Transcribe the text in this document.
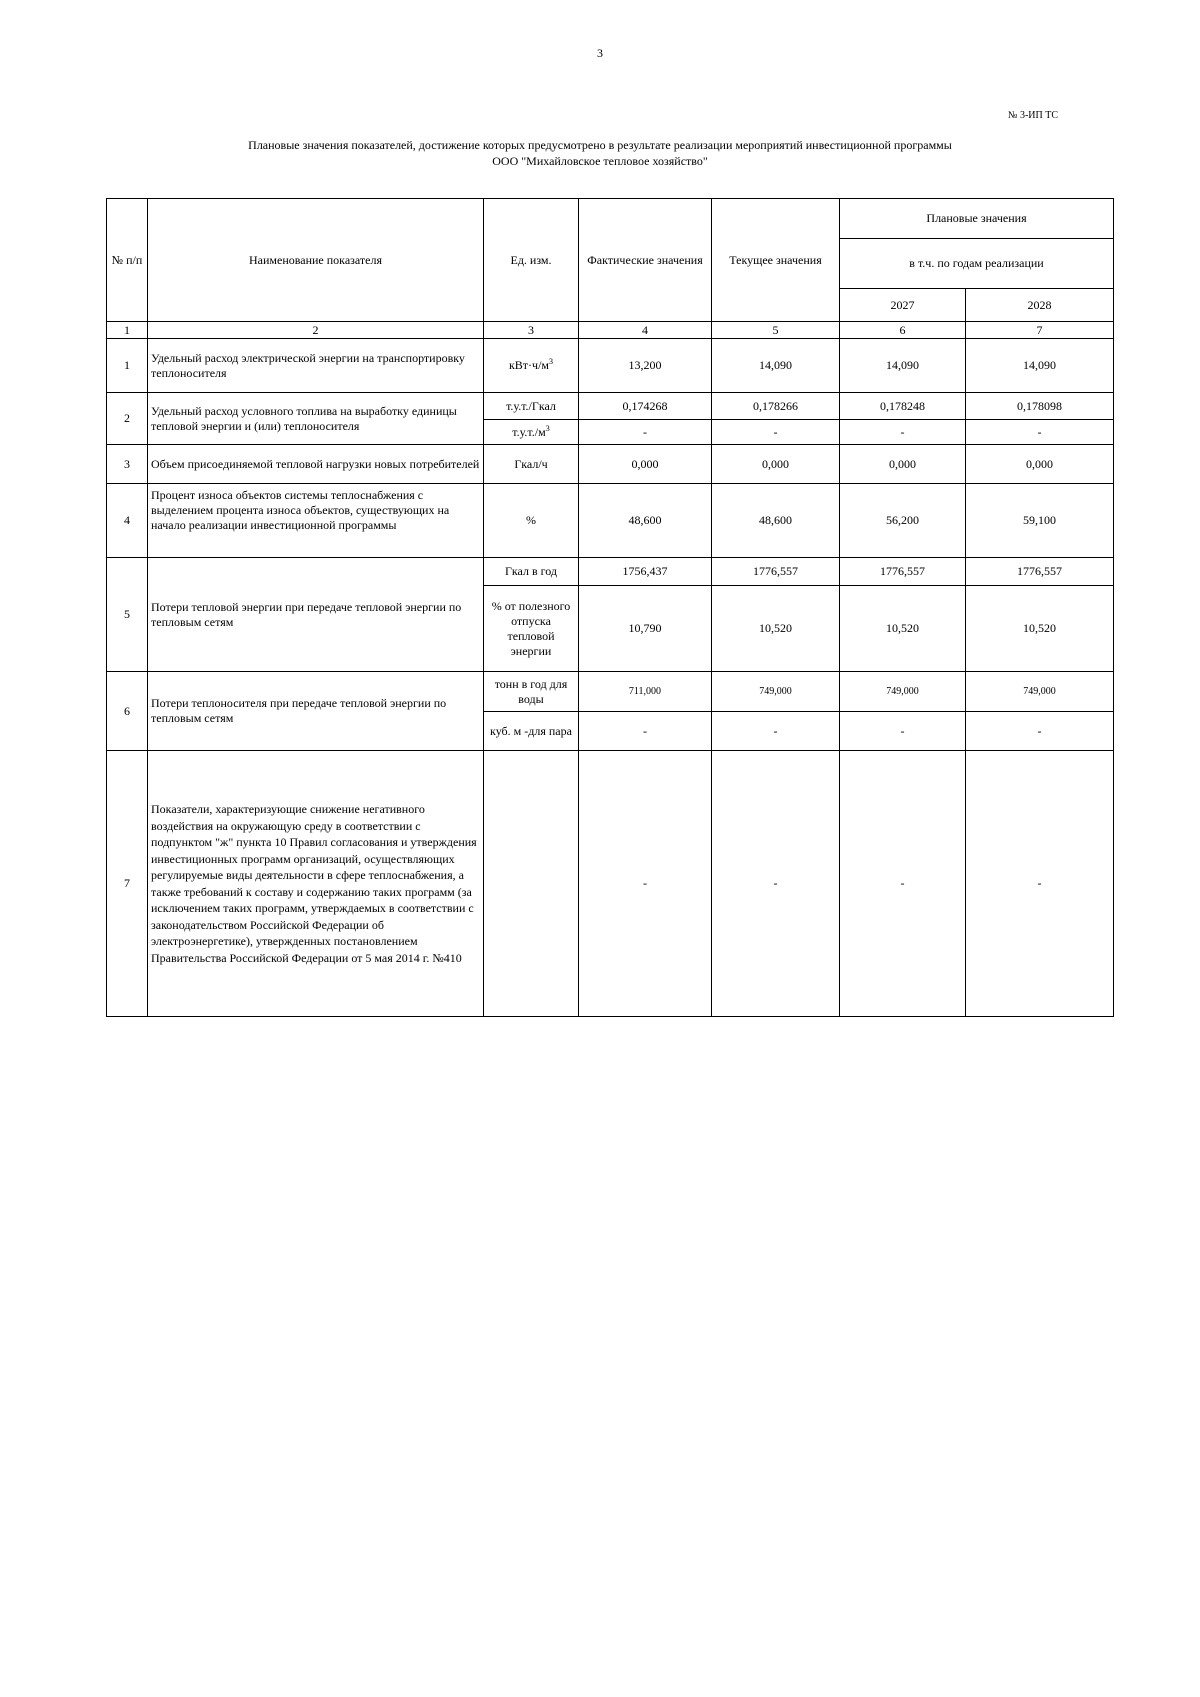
3
№ 3-ИП ТС
Плановые значения показателей, достижение которых предусмотрено в результате реализации мероприятий инвестиционной программы
ООО "Михайловское тепловое хозяйство"
№ п/п	Наименование показателя	Ед. изм.	Фактические значения	Текущее значения	Плановые значения	
					в т.ч. по годам реализации	
					2027	2028
1	2	3	4	5	6	7
1	Удельный расход электрической энергии на транспортировку теплоносителя	$кВт\cdot ч/м^3$	13,200	14,090	14,090	14,090
2	Удельный расход условного топлива на выработку единицы тепловой энергии и (или) теплоносителя	т.у.т./Гкал	0,174268	0,178266	0,178248	0,178098
		$т.у.т./м^3$	-	-	-	-
3	Объем присоединяемой тепловой нагрузки новых потребителей	Гкал/ч	0,000	0,000	0,000	0,000
4	Процент износа объектов системы теплоснабжения с выделением процента износа объектов, существующих на начало реализации инвестиционной программы	%	48,600	48,600	56,200	59,100
5	Потери тепловой энергии при передаче тепловой энергии по тепловым сетям	Гкал в год	1756,437	1776,557	1776,557	1776,557
		% от полезного отпуска тепловой энергии	10,790	10,520	10,520	10,520
6	Потери теплоносителя при передаче тепловой энергии по тепловым сетям	тонн в год для воды	711,000	749,000	749,000	749,000
		куб. м -для пара	-	-	-	-
7	Показатели, характеризующие снижение негативного воздействия на окружающую среду в соответствии с подпунктом "ж" пункта 10 Правил согласования и утверждения инвестиционных программ организаций, осуществляющих регулируемые виды деятельности в сфере теплоснабжения, а также требований к составу и содержанию таких программ (за исключением таких программ, утверждаемых в соответствии с законодательством Российской Федерации об электроэнергетике), утвержденных постановлением Правительства Российской Федерации от 5 мая 2014 г. №410		-	-	-	-
